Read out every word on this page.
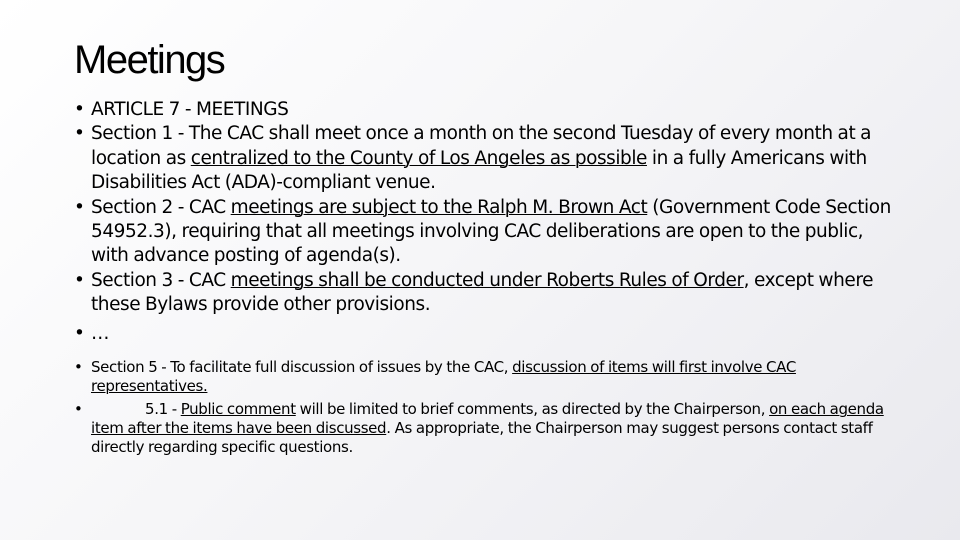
Meetings
• ARTICLE 7 - MEETINGS
• Section 1 - The CAC shall meet once a month on the second Tuesday of every month at a location as centralized to the County of Los Angeles as possible in a fully Americans with Disabilities Act (ADA)-compliant venue.
• Section 2 - CAC meetings are subject to the Ralph M. Brown Act (Government Code Section 54952.3), requiring that all meetings involving CAC deliberations are open to the public, with advance posting of agenda(s).
• Section 3 - CAC meetings shall be conducted under Roberts Rules of Order, except where these Bylaws provide other provisions.
• …
• Section 5 - To facilitate full discussion of issues by the CAC, discussion of items will first involve CAC representatives.
• 5.1 - Public comment will be limited to brief comments, as directed by the Chairperson, on each agenda item after the items have been discussed. As appropriate, the Chairperson may suggest persons contact staff directly regarding specific questions.
